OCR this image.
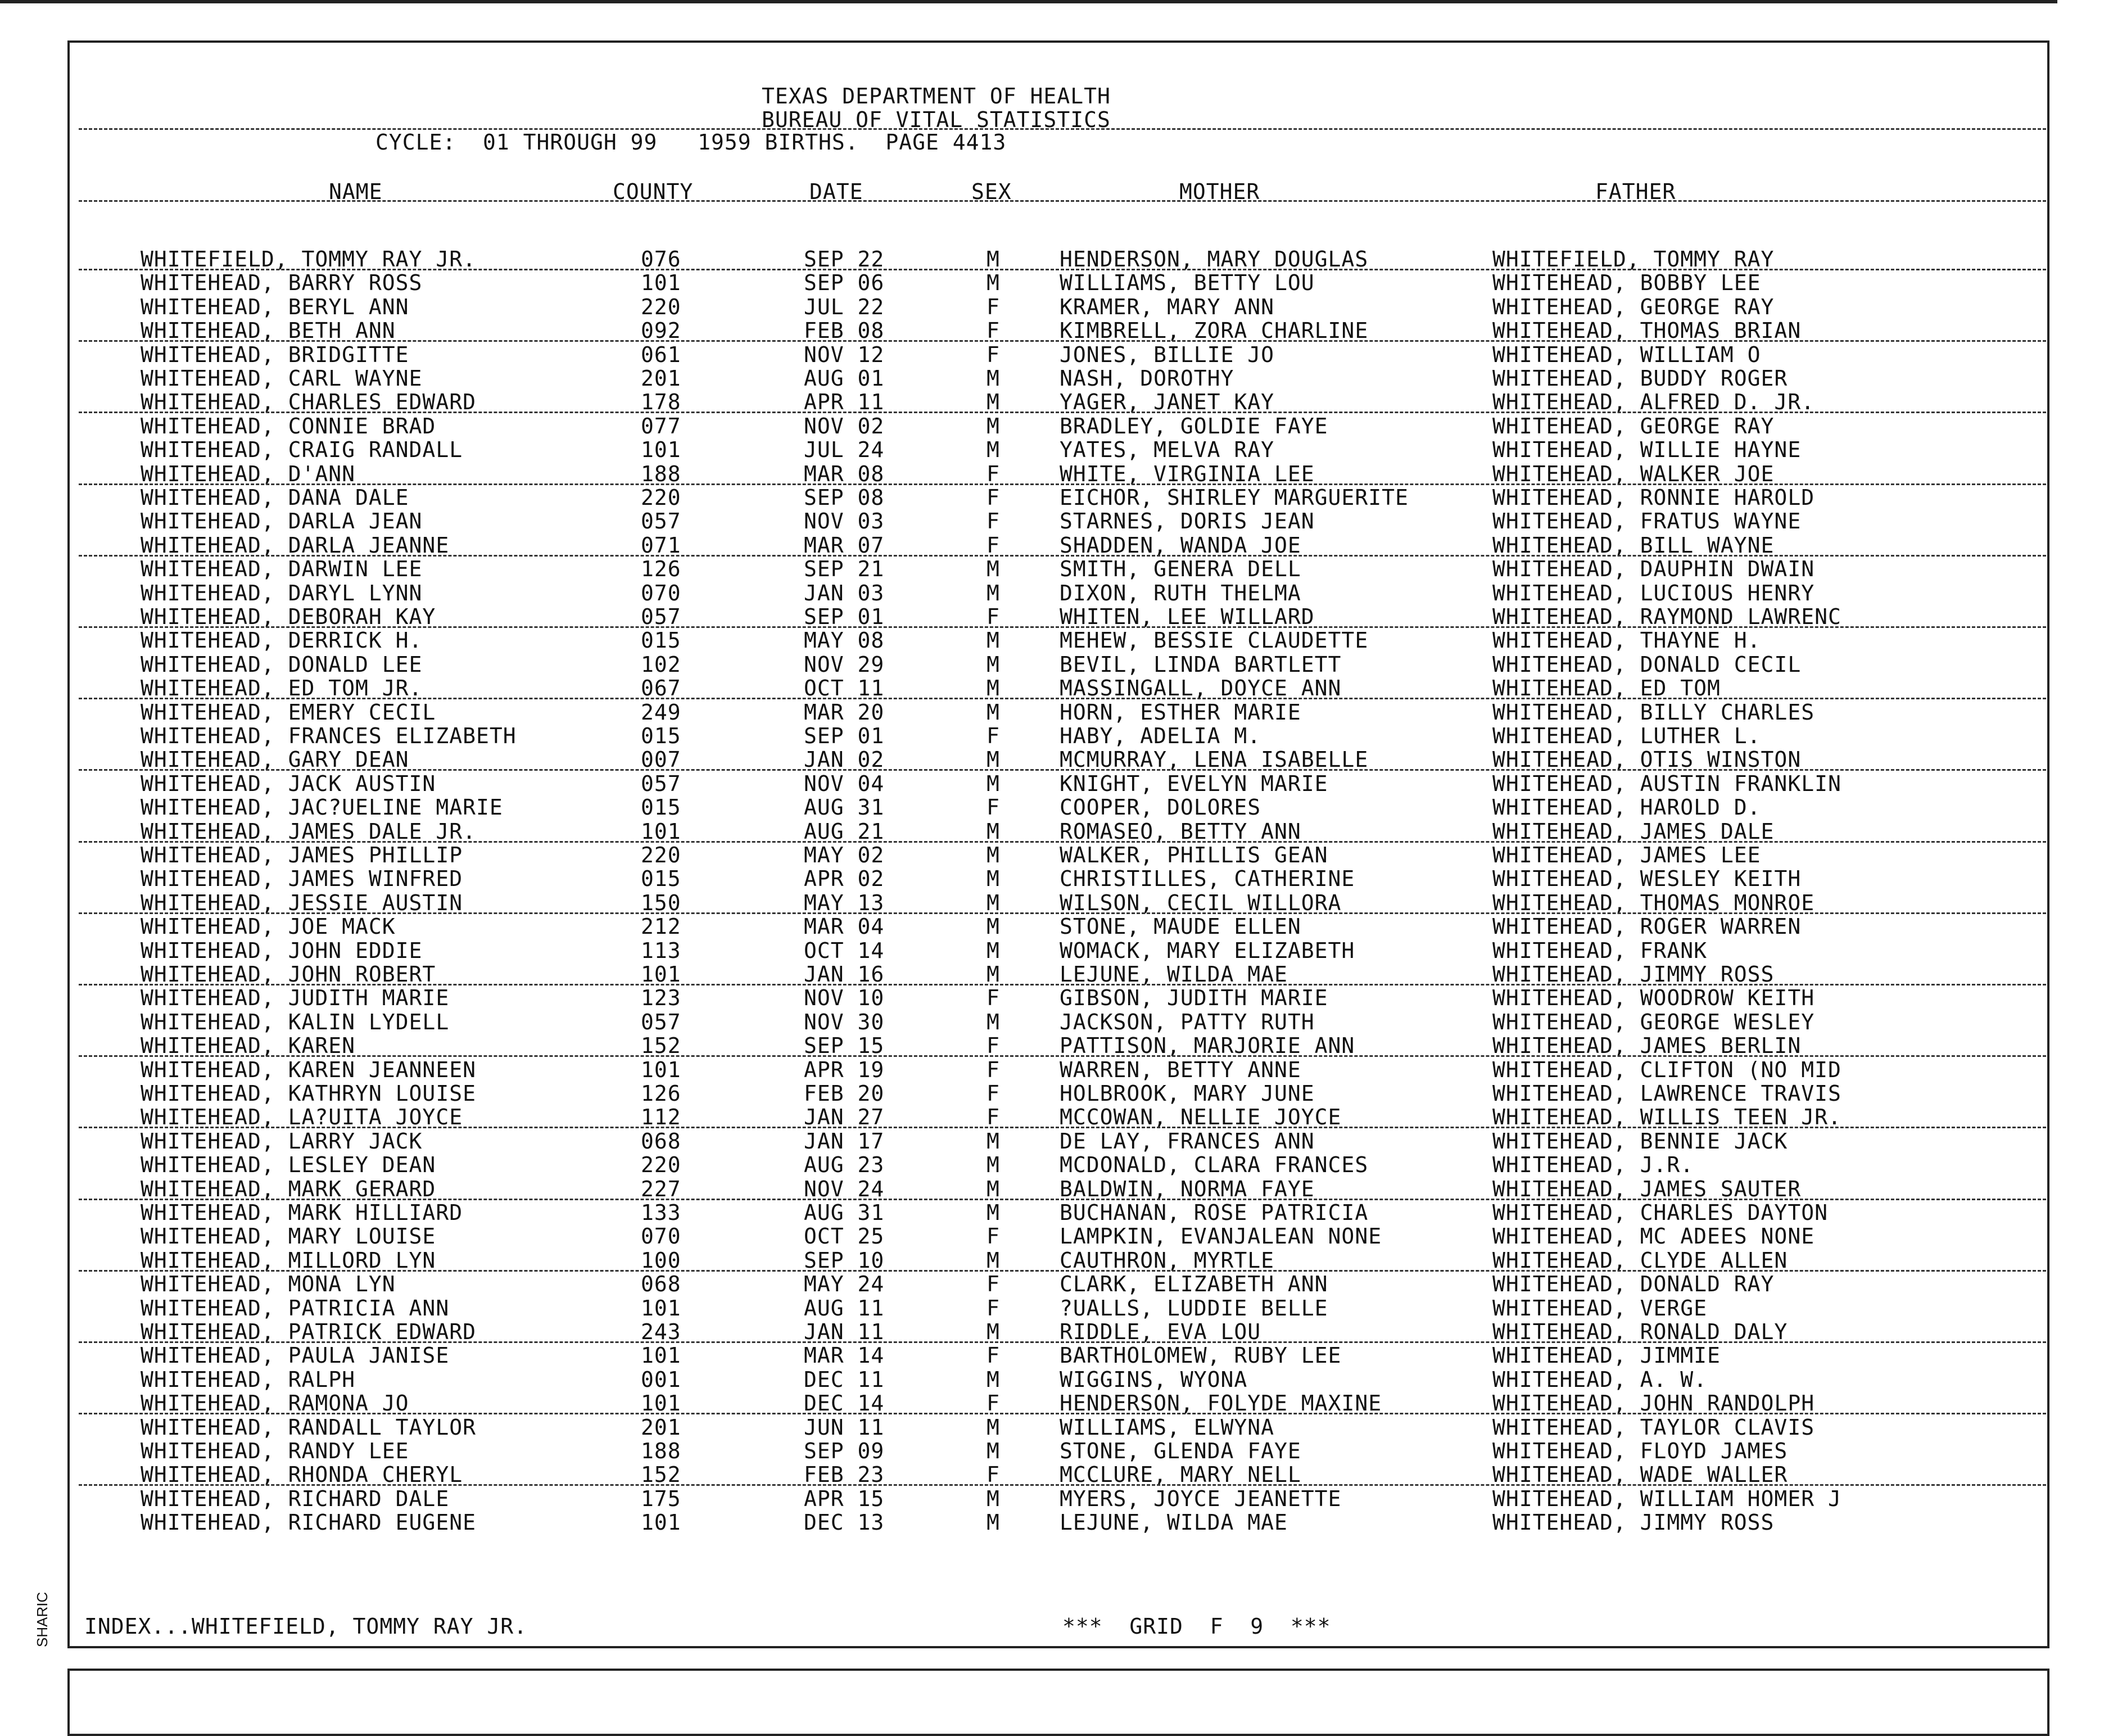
TEXAS DEPARTMENT OF HEALTH
BUREAU OF VITAL STATISTICS
CYCLE:  01 THROUGH 99   1959 BIRTHS.  PAGE 4413
NAME	COUNTY	DATE	SEX	MOTHER	FATHER
WHITEFIELD, TOMMY RAY JR.	076	SEP 22	M	HENDERSON, MARY DOUGLAS	WHITEFIELD, TOMMY RAY
WHITEHEAD, BARRY ROSS	101	SEP 06	M	WILLIAMS, BETTY LOU	WHITEHEAD, BOBBY LEE
WHITEHEAD, BERYL ANN	220	JUL 22	F	KRAMER, MARY ANN	WHITEHEAD, GEORGE RAY
WHITEHEAD, BETH ANN	092	FEB 08	F	KIMBRELL, ZORA CHARLINE	WHITEHEAD, THOMAS BRIAN
WHITEHEAD, BRIDGITTE	061	NOV 12	F	JONES, BILLIE JO	WHITEHEAD, WILLIAM O
WHITEHEAD, CARL WAYNE	201	AUG 01	M	NASH, DOROTHY	WHITEHEAD, BUDDY ROGER
WHITEHEAD, CHARLES EDWARD	178	APR 11	M	YAGER, JANET KAY	WHITEHEAD, ALFRED D. JR.
WHITEHEAD, CONNIE BRAD	077	NOV 02	M	BRADLEY, GOLDIE FAYE	WHITEHEAD, GEORGE RAY
WHITEHEAD, CRAIG RANDALL	101	JUL 24	M	YATES, MELVA RAY	WHITEHEAD, WILLIE HAYNE
WHITEHEAD, D'ANN	188	MAR 08	F	WHITE, VIRGINIA LEE	WHITEHEAD, WALKER JOE
WHITEHEAD, DANA DALE	220	SEP 08	F	EICHOR, SHIRLEY MARGUERITE	WHITEHEAD, RONNIE HAROLD
WHITEHEAD, DARLA JEAN	057	NOV 03	F	STARNES, DORIS JEAN	WHITEHEAD, FRATUS WAYNE
WHITEHEAD, DARLA JEANNE	071	MAR 07	F	SHADDEN, WANDA JOE	WHITEHEAD, BILL WAYNE
WHITEHEAD, DARWIN LEE	126	SEP 21	M	SMITH, GENERA DELL	WHITEHEAD, DAUPHIN DWAIN
WHITEHEAD, DARYL LYNN	070	JAN 03	M	DIXON, RUTH THELMA	WHITEHEAD, LUCIOUS HENRY
WHITEHEAD, DEBORAH KAY	057	SEP 01	F	WHITEN, LEE WILLARD	WHITEHEAD, RAYMOND LAWRENC
WHITEHEAD, DERRICK H.	015	MAY 08	M	MEHEW, BESSIE CLAUDETTE	WHITEHEAD, THAYNE H.
WHITEHEAD, DONALD LEE	102	NOV 29	M	BEVIL, LINDA BARTLETT	WHITEHEAD, DONALD CECIL
WHITEHEAD, ED TOM JR.	067	OCT 11	M	MASSINGALL, DOYCE ANN	WHITEHEAD, ED TOM
WHITEHEAD, EMERY CECIL	249	MAR 20	M	HORN, ESTHER MARIE	WHITEHEAD, BILLY CHARLES
WHITEHEAD, FRANCES ELIZABETH	015	SEP 01	F	HABY, ADELIA M.	WHITEHEAD, LUTHER L.
WHITEHEAD, GARY DEAN	007	JAN 02	M	MCMURRAY, LENA ISABELLE	WHITEHEAD, OTIS WINSTON
WHITEHEAD, JACK AUSTIN	057	NOV 04	M	KNIGHT, EVELYN MARIE	WHITEHEAD, AUSTIN FRANKLIN
WHITEHEAD, JAC?UELINE MARIE	015	AUG 31	F	COOPER, DOLORES	WHITEHEAD, HAROLD D.
WHITEHEAD, JAMES DALE JR.	101	AUG 21	M	ROMASEO, BETTY ANN	WHITEHEAD, JAMES DALE
WHITEHEAD, JAMES PHILLIP	220	MAY 02	M	WALKER, PHILLIS GEAN	WHITEHEAD, JAMES LEE
WHITEHEAD, JAMES WINFRED	015	APR 02	M	CHRISTILLES, CATHERINE	WHITEHEAD, WESLEY KEITH
WHITEHEAD, JESSIE AUSTIN	150	MAY 13	M	WILSON, CECIL WILLORA	WHITEHEAD, THOMAS MONROE
WHITEHEAD, JOE MACK	212	MAR 04	M	STONE, MAUDE ELLEN	WHITEHEAD, ROGER WARREN
WHITEHEAD, JOHN EDDIE	113	OCT 14	M	WOMACK, MARY ELIZABETH	WHITEHEAD, FRANK
WHITEHEAD, JOHN ROBERT	101	JAN 16	M	LEJUNE, WILDA MAE	WHITEHEAD, JIMMY ROSS
WHITEHEAD, JUDITH MARIE	123	NOV 10	F	GIBSON, JUDITH MARIE	WHITEHEAD, WOODROW KEITH
WHITEHEAD, KALIN LYDELL	057	NOV 30	M	JACKSON, PATTY RUTH	WHITEHEAD, GEORGE WESLEY
WHITEHEAD, KAREN	152	SEP 15	F	PATTISON, MARJORIE ANN	WHITEHEAD, JAMES BERLIN
WHITEHEAD, KAREN JEANNEEN	101	APR 19	F	WARREN, BETTY ANNE	WHITEHEAD, CLIFTON (NO MID
WHITEHEAD, KATHRYN LOUISE	126	FEB 20	F	HOLBROOK, MARY JUNE	WHITEHEAD, LAWRENCE TRAVIS
WHITEHEAD, LA?UITA JOYCE	112	JAN 27	F	MCCOWAN, NELLIE JOYCE	WHITEHEAD, WILLIS TEEN JR.
WHITEHEAD, LARRY JACK	068	JAN 17	M	DE LAY, FRANCES ANN	WHITEHEAD, BENNIE JACK
WHITEHEAD, LESLEY DEAN	220	AUG 23	M	MCDONALD, CLARA FRANCES	WHITEHEAD, J.R.
WHITEHEAD, MARK GERARD	227	NOV 24	M	BALDWIN, NORMA FAYE	WHITEHEAD, JAMES SAUTER
WHITEHEAD, MARK HILLIARD	133	AUG 31	M	BUCHANAN, ROSE PATRICIA	WHITEHEAD, CHARLES DAYTON
WHITEHEAD, MARY LOUISE	070	OCT 25	F	LAMPKIN, EVANJALEAN NONE	WHITEHEAD, MC ADEES NONE
WHITEHEAD, MILLORD LYN	100	SEP 10	M	CAUTHRON, MYRTLE	WHITEHEAD, CLYDE ALLEN
WHITEHEAD, MONA LYN	068	MAY 24	F	CLARK, ELIZABETH ANN	WHITEHEAD, DONALD RAY
WHITEHEAD, PATRICIA ANN	101	AUG 11	F	?UALLS, LUDDIE BELLE	WHITEHEAD, VERGE
WHITEHEAD, PATRICK EDWARD	243	JAN 11	M	RIDDLE, EVA LOU	WHITEHEAD, RONALD DALY
WHITEHEAD, PAULA JANISE	101	MAR 14	F	BARTHOLOMEW, RUBY LEE	WHITEHEAD, JIMMIE
WHITEHEAD, RALPH	001	DEC 11	M	WIGGINS, WYONA	WHITEHEAD, A. W.
WHITEHEAD, RAMONA JO	101	DEC 14	F	HENDERSON, FOLYDE MAXINE	WHITEHEAD, JOHN RANDOLPH
WHITEHEAD, RANDALL TAYLOR	201	JUN 11	M	WILLIAMS, ELWYNA	WHITEHEAD, TAYLOR CLAVIS
WHITEHEAD, RANDY LEE	188	SEP 09	M	STONE, GLENDA FAYE	WHITEHEAD, FLOYD JAMES
WHITEHEAD, RHONDA CHERYL	152	FEB 23	F	MCCLURE, MARY NELL	WHITEHEAD, WADE WALLER
WHITEHEAD, RICHARD DALE	175	APR 15	M	MYERS, JOYCE JEANETTE	WHITEHEAD, WILLIAM HOMER J
WHITEHEAD, RICHARD EUGENE	101	DEC 13	M	LEJUNE, WILDA MAE	WHITEHEAD, JIMMY ROSS
INDEX...WHITEFIELD, TOMMY RAY JR.	***  GRID  F  9  ***
SHARIC
